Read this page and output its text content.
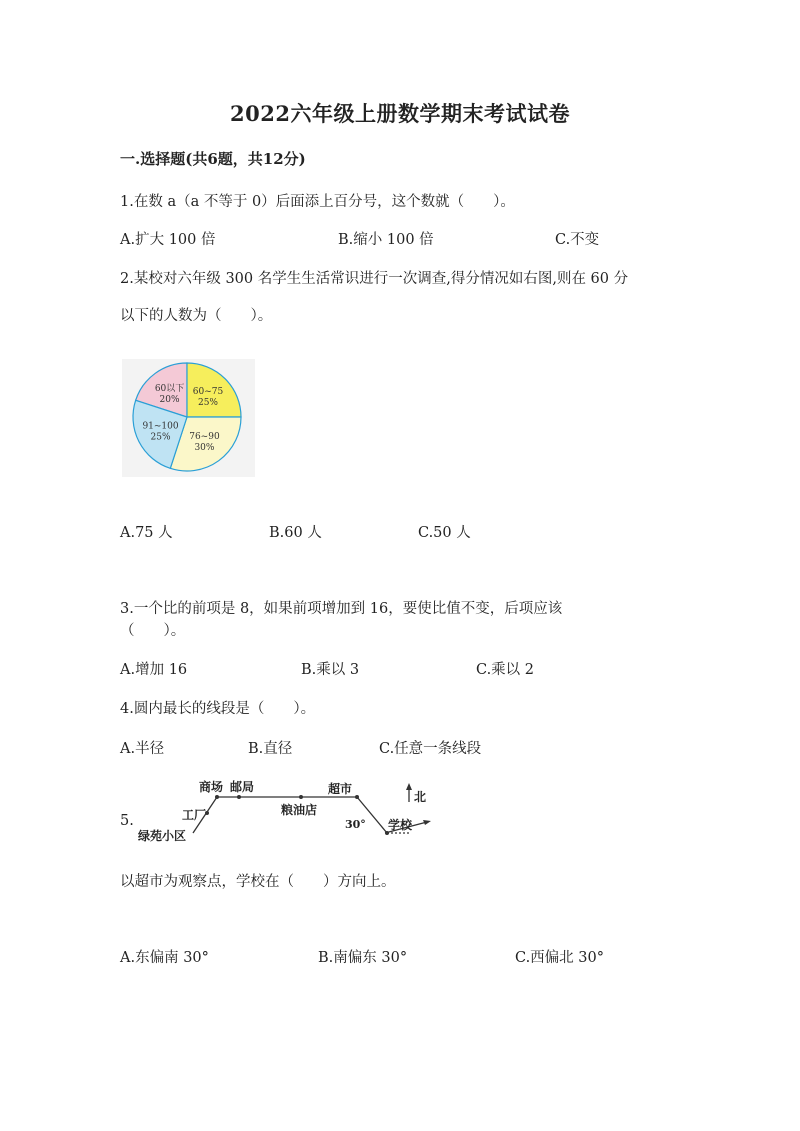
2022六年级上册数学期末考试试卷
一.选择题(共6题，共12分)
1.在数 a（a 不等于 0）后面添上百分号，这个数就（　　）。
A.扩大 100 倍	B.缩小 100 倍	C.不变
2.某校对六年级 300 名学生生活常识进行一次调查,得分情况如右图,则在 60 分
以下的人数为（　　）。
60以下
20%
60~75
25%
76~90
30%
91~100
25%
A.75 人	B.60 人	C.50 人
3.一个比的前项是 8，如果前项增加到 16，要使比值不变，后项应该
（　　）。
A.增加 16	B.乘以 3	C.乘以 2
4.圆内最长的线段是（　　）。
A.半径	B.直径	C.任意一条线段
5.
商场 邮局	超市
北
工厂	粮油店
30° 学校
绿苑小区
以超市为观察点，学校在（　　）方向上。
A.东偏南 30°	B.南偏东 30°	C.西偏北 30°
